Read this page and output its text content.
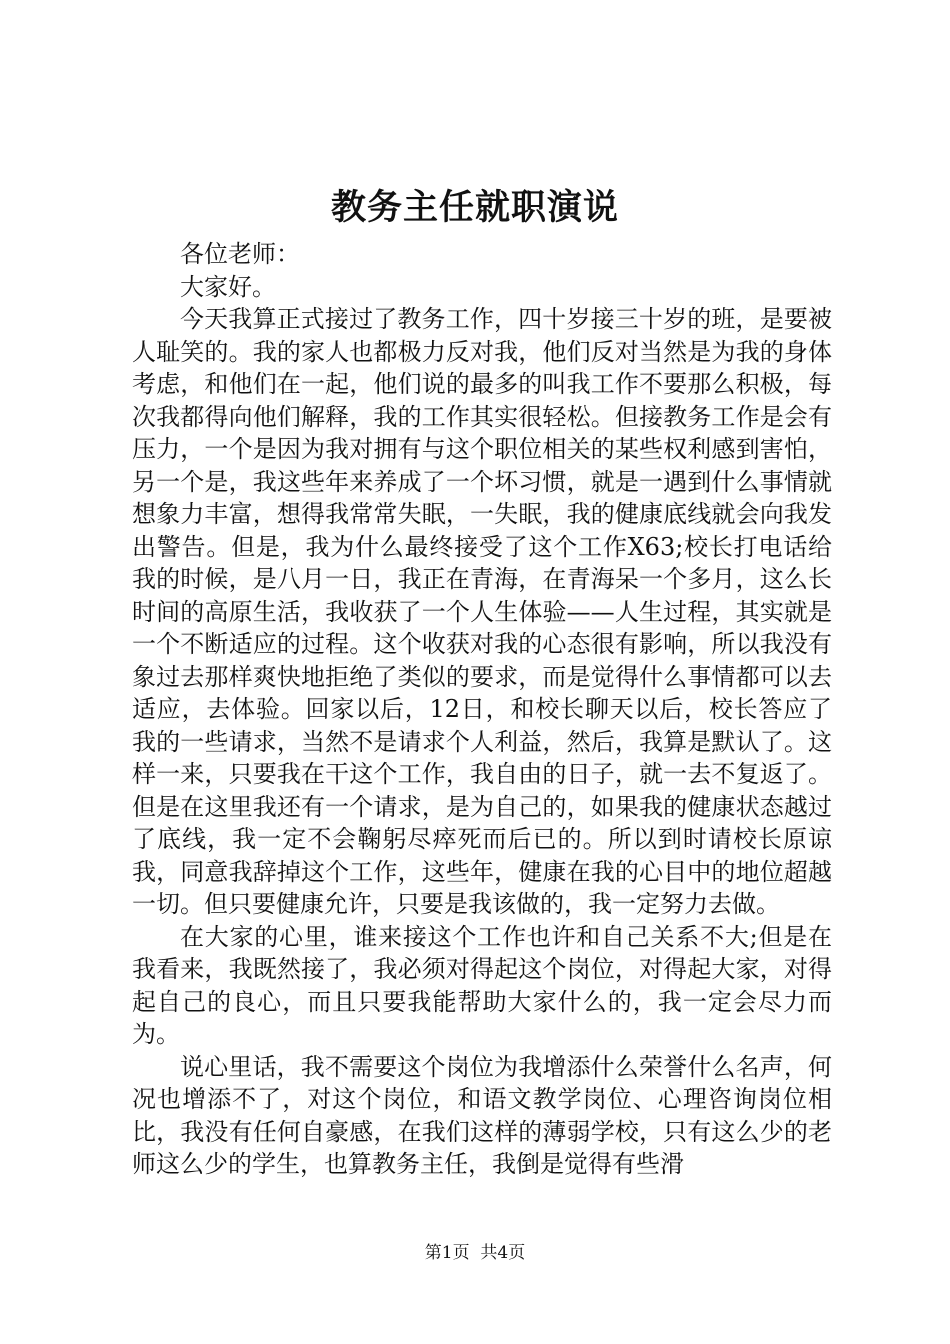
教务主任就职演说

各位老师：

大家好。

今天我算正式接过了教务工作，四十岁接三十岁的班，是要被人耻笑的。我的家人也都极力反对我，他们反对当然是为我的身体考虑，和他们在一起，他们说的最多的叫我工作不要那么积极，每次我都得向他们解释，我的工作其实很轻松。但接教务工作是会有压力，一个是因为我对拥有与这个职位相关的某些权利感到害怕，另一个是，我这些年来养成了一个坏习惯，就是一遇到什么事情就想象力丰富，想得我常常失眠，一失眠，我的健康底线就会向我发出警告。但是，我为什么最终接受了这个工作X63;校长打电话给我的时候，是八月一日，我正在青海，在青海呆一个多月，这么长时间的高原生活，我收获了一个人生体验——人生过程，其实就是一个不断适应的过程。这个收获对我的心态很有影响，所以我没有象过去那样爽快地拒绝了类似的要求，而是觉得什么事情都可以去适应，去体验。回家以后，12日，和校长聊天以后，校长答应了我的一些请求，当然不是请求个人利益，然后，我算是默认了。这样一来，只要我在干这个工作，我自由的日子，就一去不复返了。但是在这里我还有一个请求，是为自己的，如果我的健康状态越过了底线，我一定不会鞠躬尽瘁死而后已的。所以到时请校长原谅我，同意我辞掉这个工作，这些年，健康在我的心目中的地位超越一切。但只要健康允许，只要是我该做的，我一定努力去做。

在大家的心里，谁来接这个工作也许和自己关系不大;但是在我看来，我既然接了，我必须对得起这个岗位，对得起大家，对得起自己的良心，而且只要我能帮助大家什么的，我一定会尽力而为。

说心里话，我不需要这个岗位为我增添什么荣誉什么名声，何况也增添不了，对这个岗位，和语文教学岗位、心理咨询岗位相比，我没有任何自豪感，在我们这样的薄弱学校，只有这么少的老师这么少的学生，也算教务主任，我倒是觉得有些滑

第1页 共4页
